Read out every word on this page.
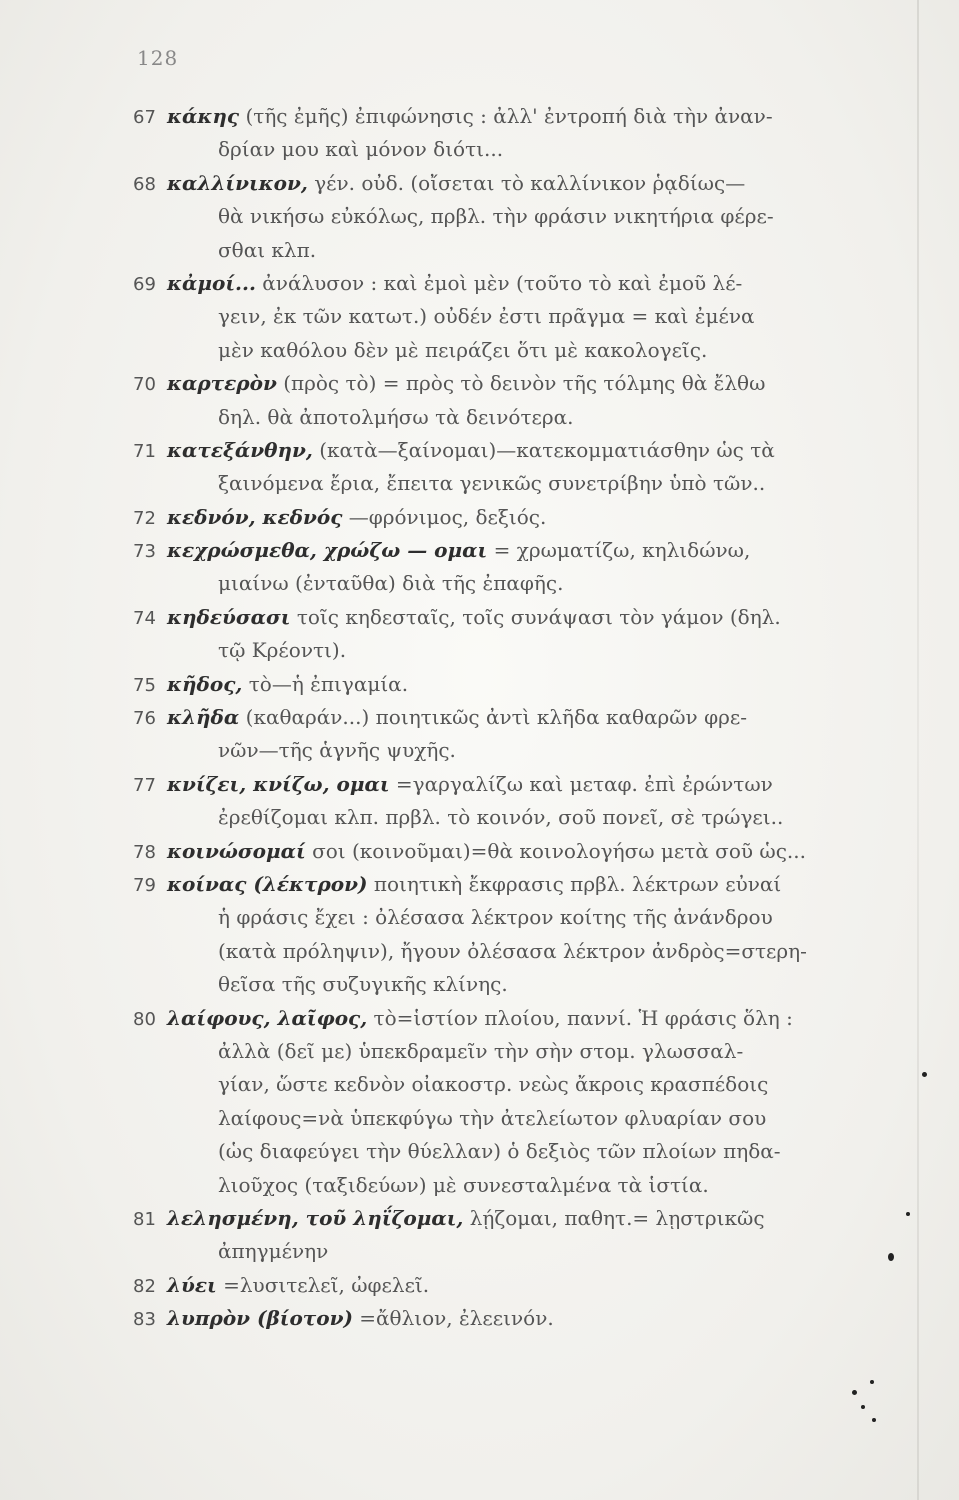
128
67 κάκης (τῆς ἐμῆς) ἐπιφώνησις : ἀλλ' ἐντροπή διὰ τὴν ἀναν-
δρίαν μου καὶ μόνον διότι...
68 καλλίνικον, γέν. οὐδ. (οἴσεται τὸ καλλίνικον ῥᾳδίως—
θὰ νικήσω εὐκόλως, πρβλ. τὴν φράσιν νικητήρια φέρε-
σθαι κλπ.
69 κἀμοί... ἀνάλυσον : καὶ ἐμοὶ μὲν (τοῦτο τὸ καὶ ἐμοῦ λέ-
γειν, ἐκ τῶν κατωτ.) οὐδέν ἐστι πρᾶγμα = καὶ ἐμένα
μὲν καθόλου δὲν μὲ πειράζει ὅτι μὲ κακολογεῖς.
70 καρτερὸν (πρὸς τὸ) = πρὸς τὸ δεινὸν τῆς τόλμης θὰ ἔλθω
δηλ. θὰ ἀποτολμήσω τὰ δεινότερα.
71 κατεξάνθην, (κατὰ—ξαίνομαι)—κατεκομματιάσθην ὡς τὰ
ξαινόμενα ἔρια, ἔπειτα γενικῶς συνετρίβην ὑπὸ τῶν..
72 κεδνόν, κεδνός —φρόνιμος, δεξιός.
73 κεχρώσμεθα, χρώζω — ομαι = χρωματίζω, κηλιδώνω,
μιαίνω (ἐνταῦθα) διὰ τῆς ἐπαφῆς.
74 κηδεύσασι τοῖς κηδεσταῖς, τοῖς συνάψασι τὸν γάμον (δηλ.
τῷ Κρέοντι).
75 κῆδος, τὸ—ἡ ἐπιγαμία.
76 κλῆδα (καθαράν...) ποιητικῶς ἀντὶ κλῆδα καθαρῶν φρε-
νῶν—τῆς ἁγνῆς ψυχῆς.
77 κνίζει, κνίζω, ομαι =γαργαλίζω καὶ μεταφ. ἐπὶ ἐρώντων
ἐρεθίζομαι κλπ. πρβλ. τὸ κοινόν, σοῦ πονεῖ, σὲ τρώγει..
78 κοινώσομαί σοι (κοινοῦμαι)=θὰ κοινολογήσω μετὰ σοῦ ὡς...
79 κοίνας (λέκτρον) ποιητικὴ ἔκφρασις πρβλ. λέκτρων εὐναί
ἡ φράσις ἔχει : ὀλέσασα λέκτρον κοίτης τῆς ἀνάνδρου
(κατὰ πρόληψιν), ἤγουν ὀλέσασα λέκτρον ἀνδρὸς=στερη-
θεῖσα τῆς συζυγικῆς κλίνης.
80 λαίφους, λαῖφος, τὸ=ἱστίον πλοίου, παννί. Ἡ φράσις ὅλη :
ἀλλὰ (δεῖ με) ὑπεκδραμεῖν τὴν σὴν στομ. γλωσσαλ-
γίαν, ὥστε κεδνὸν οἰακοστρ. νεὼς ἄκροις κρασπέδοις
λαίφους=νὰ ὑπεκφύγω τὴν ἀτελείωτον φλυαρίαν σου
(ὡς διαφεύγει τὴν θύελλαν) ὁ δεξιὸς τῶν πλοίων πηδα-
λιοῦχος (ταξιδεύων) μὲ συνεσταλμένα τὰ ἱστία.
81 λελησμένη, τοῦ ληΐζομαι, λῄζομαι, παθητ.= λῃστρικῶς
ἀπηγμένην
82 λύει =λυσιτελεῖ, ὠφελεῖ.
83 λυπρὸν (βίοτον) =ἄθλιον, ἐλεεινόν.
